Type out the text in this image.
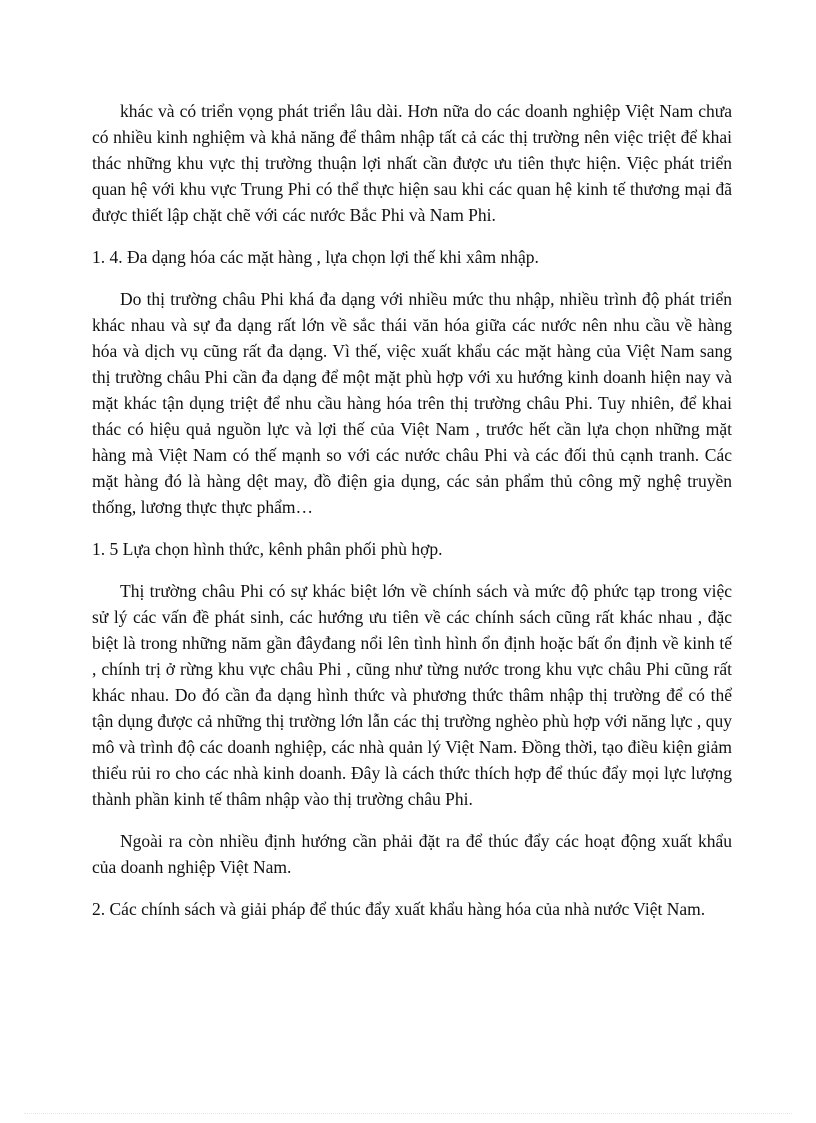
khác và có triển vọng phát triển lâu dài. Hơn nữa do các doanh nghiệp Việt Nam chưa có nhiều kinh nghiệm và khả năng để thâm nhập tất cả các thị trường nên việc triệt để khai thác những khu vực thị trường thuận lợi nhất cần được ưu tiên thực hiện. Việc phát triển quan hệ với khu vực Trung Phi có thể thực hiện sau khi các quan hệ kinh tế thương mại đã được thiết lập chặt chẽ với các nước Bắc Phi và Nam Phi.

1. 4. Đa dạng hóa các mặt hàng , lựa chọn lợi thế khi xâm nhập.

Do thị trường châu Phi khá đa dạng với nhiều mức thu nhập, nhiều trình độ phát triển khác nhau và sự đa dạng rất lớn về sắc thái văn hóa giữa các nước nên nhu cầu về hàng hóa và dịch vụ cũng rất đa dạng. Vì thế, việc xuất khẩu các mặt hàng của Việt Nam sang thị trường châu Phi cần đa dạng để một mặt phù hợp với xu hướng kinh doanh hiện nay và mặt khác tận dụng triệt để nhu cầu hàng hóa trên thị trường châu Phi. Tuy nhiên, để khai thác có hiệu quả nguồn lực và lợi thế của Việt Nam , trước hết cần lựa chọn những mặt hàng mà Việt Nam có thế mạnh so với các nước châu Phi và các đối thủ cạnh tranh. Các mặt hàng đó là hàng dệt may, đồ điện gia dụng, các sản phẩm thủ công mỹ nghệ truyền thống, lương thực thực phẩm…

1. 5 Lựa chọn hình thức, kênh phân phối phù hợp.

Thị trường châu Phi có sự khác biệt lớn về chính sách và mức độ phức tạp trong việc sử lý các vấn đề phát sinh, các hướng ưu tiên về các chính sách cũng rất khác nhau , đặc biệt là trong những năm gần đâyđang nổi lên tình hình ổn định hoặc bất ổn định về kinh tế , chính trị ở rừng khu vực châu Phi , cũng như từng nước trong khu vực châu Phi cũng rất khác nhau. Do đó cần đa dạng hình thức và phương thức thâm nhập thị trường để có thể tận dụng được cả những thị trường lớn lẫn các thị trường nghèo phù hợp với năng lực , quy mô và trình độ các doanh nghiệp, các nhà quản lý Việt Nam. Đồng thời, tạo điều kiện giảm thiểu rủi ro cho các nhà kinh doanh. Đây là cách thức thích hợp để thúc đẩy mọi lực lượng thành phần kinh tế thâm nhập vào thị trường châu Phi.

Ngoài ra còn nhiều định hướng cần phải đặt ra để thúc đẩy các hoạt động xuất khẩu của doanh nghiệp Việt Nam.

2. Các chính sách và giải pháp để thúc đẩy xuất khẩu hàng hóa của nhà nước Việt Nam.
